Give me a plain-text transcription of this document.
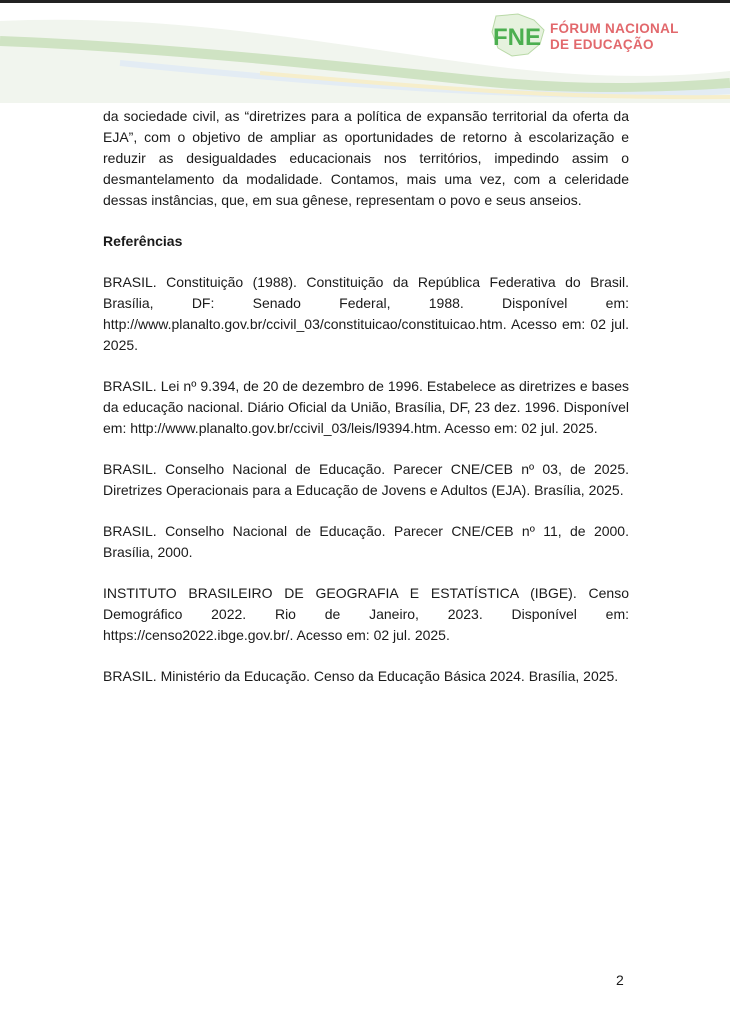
FNE FÓRUM NACIONAL
DE EDUCAÇÃO

da sociedade civil, as “diretrizes para a política de expansão territorial da oferta da EJA”, com o objetivo de ampliar as oportunidades de retorno à escolarização e reduzir as desigualdades educacionais nos territórios, impedindo assim o desmantelamento da modalidade. Contamos, mais uma vez, com a celeridade dessas instâncias, que, em sua gênese, representam o povo e seus anseios.

Referências

BRASIL. Constituição (1988). Constituição da República Federativa do Brasil. Brasília, DF: Senado Federal, 1988. Disponível em: http://www.planalto.gov.br/ccivil_03/constituicao/constituicao.htm. Acesso em: 02 jul. 2025.

BRASIL. Lei nº 9.394, de 20 de dezembro de 1996. Estabelece as diretrizes e bases da educação nacional. Diário Oficial da União, Brasília, DF, 23 dez. 1996. Disponível em: http://www.planalto.gov.br/ccivil_03/leis/l9394.htm. Acesso em: 02 jul. 2025.

BRASIL. Conselho Nacional de Educação. Parecer CNE/CEB nº 03, de 2025. Diretrizes Operacionais para a Educação de Jovens e Adultos (EJA). Brasília, 2025.

BRASIL. Conselho Nacional de Educação. Parecer CNE/CEB nº 11, de 2000. Brasília, 2000.

INSTITUTO BRASILEIRO DE GEOGRAFIA E ESTATÍSTICA (IBGE). Censo Demográfico 2022. Rio de Janeiro, 2023. Disponível em: https://censo2022.ibge.gov.br/. Acesso em: 02 jul. 2025.

BRASIL. Ministério da Educação. Censo da Educação Básica 2024. Brasília, 2025.

2
